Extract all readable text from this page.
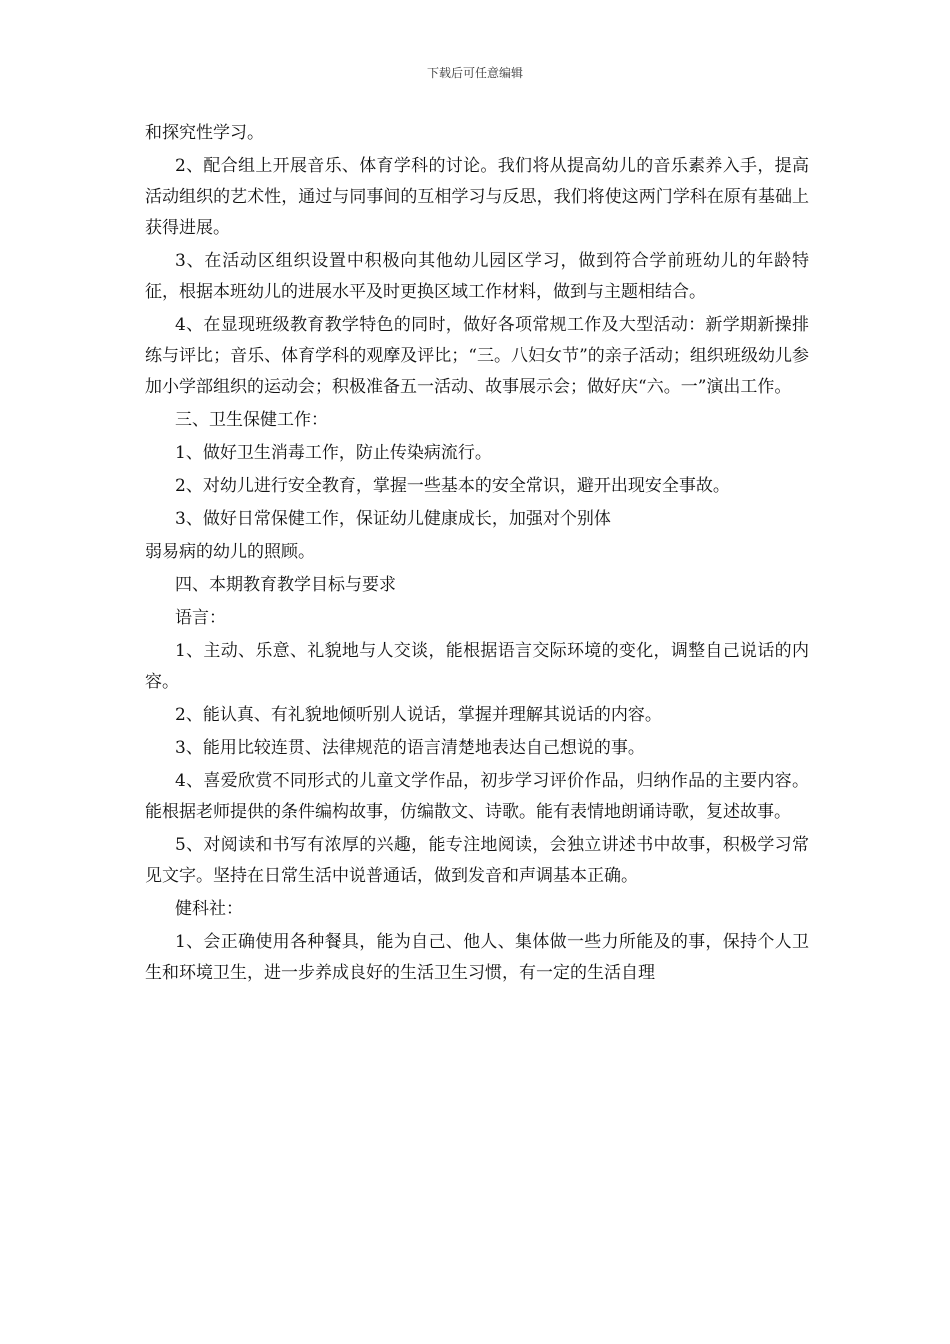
下载后可任意编辑

和探究性学习。

2、配合组上开展音乐、体育学科的讨论。我们将从提高幼儿的音乐素养入手，提高活动组织的艺术性，通过与同事间的互相学习与反思，我们将使这两门学科在原有基础上获得进展。

3、在活动区组织设置中积极向其他幼儿园区学习，做到符合学前班幼儿的年龄特征，根据本班幼儿的进展水平及时更换区域工作材料，做到与主题相结合。

4、在显现班级教育教学特色的同时，做好各项常规工作及大型活动：新学期新操排练与评比；音乐、体育学科的观摩及评比；“三。八妇女节”的亲子活动；组织班级幼儿参加小学部组织的运动会；积极准备五一活动、故事展示会；做好庆“六。一”演出工作。

三、卫生保健工作：

1、做好卫生消毒工作，防止传染病流行。

2、对幼儿进行安全教育，掌握一些基本的安全常识，避开出现安全事故。

3、做好日常保健工作，保证幼儿健康成长，加强对个别体

弱易病的幼儿的照顾。

四、本期教育教学目标与要求

语言：

1、主动、乐意、礼貌地与人交谈，能根据语言交际环境的变化，调整自己说话的内容。

2、能认真、有礼貌地倾听别人说话，掌握并理解其说话的内容。

3、能用比较连贯、法律规范的语言清楚地表达自己想说的事。

4、喜爱欣赏不同形式的儿童文学作品，初步学习评价作品，归纳作品的主要内容。能根据老师提供的条件编构故事，仿编散文、诗歌。能有表情地朗诵诗歌，复述故事。

5、对阅读和书写有浓厚的兴趣，能专注地阅读，会独立讲述书中故事，积极学习常见文字。坚持在日常生活中说普通话，做到发音和声调基本正确。

健科社：

1、会正确使用各种餐具，能为自己、他人、集体做一些力所能及的事，保持个人卫生和环境卫生，进一步养成良好的生活卫生习惯，有一定的生活自理
